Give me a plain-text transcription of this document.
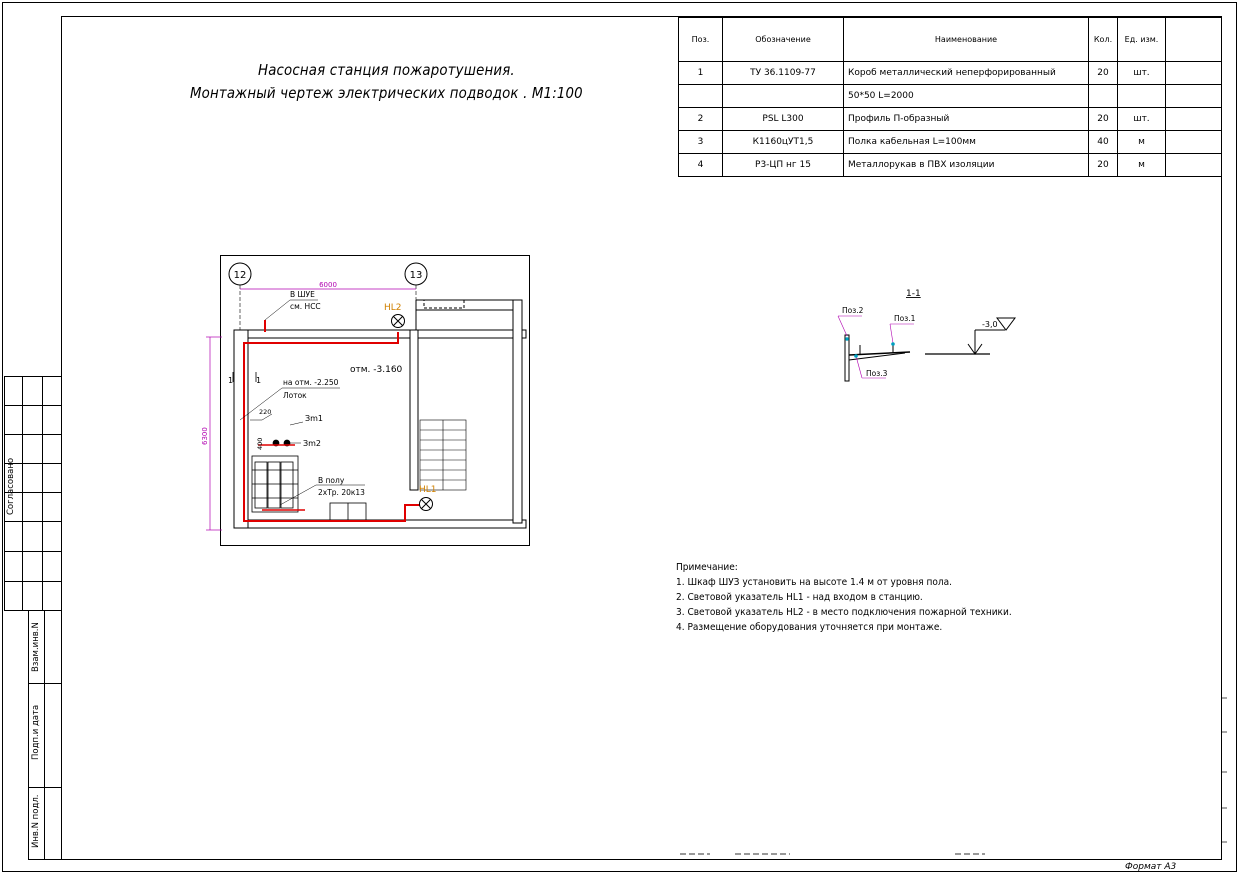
Согласовано
Взам.инв.N
Подп.и дата
Инв.N подл.
Насосная станция пожаротушения.
Монтажный чертеж электрических подводок . М1:100
Поз.	Обозначение	Наименование	Кол.	Ед. изм.	
1	ТУ 36.1109-77	Короб металлический неперфорированный	20	шт.	
		50*50 L=2000			
2	PSL L300	Профиль П-образный	20	шт.	
3	К1160цУТ1,5	Полка кабельная L=100мм	40	м	
4	Р3-ЦП нг 15	Металлорукав в ПВХ изоляции	20	м	
12	13
6000
6300
HL2
HL1
В ШУЕ
см. НСС
отм. -3.160
на отм. -2.250
Лоток
220
400
Зm1
Зm2
В полу
2хТр. 20к13
1	1
1-1
-3,0
Поз.2
Поз.1
Поз.3
Примечание:
1. Шкаф ШУЗ установить на высоте 1.4 м от уровня пола.
2. Световой указатель HL1 - над входом в станцию.
3. Световой указатель HL2 - в место подключения пожарной техники.
4. Размещение оборудования уточняется при монтаже.
Формат А3
